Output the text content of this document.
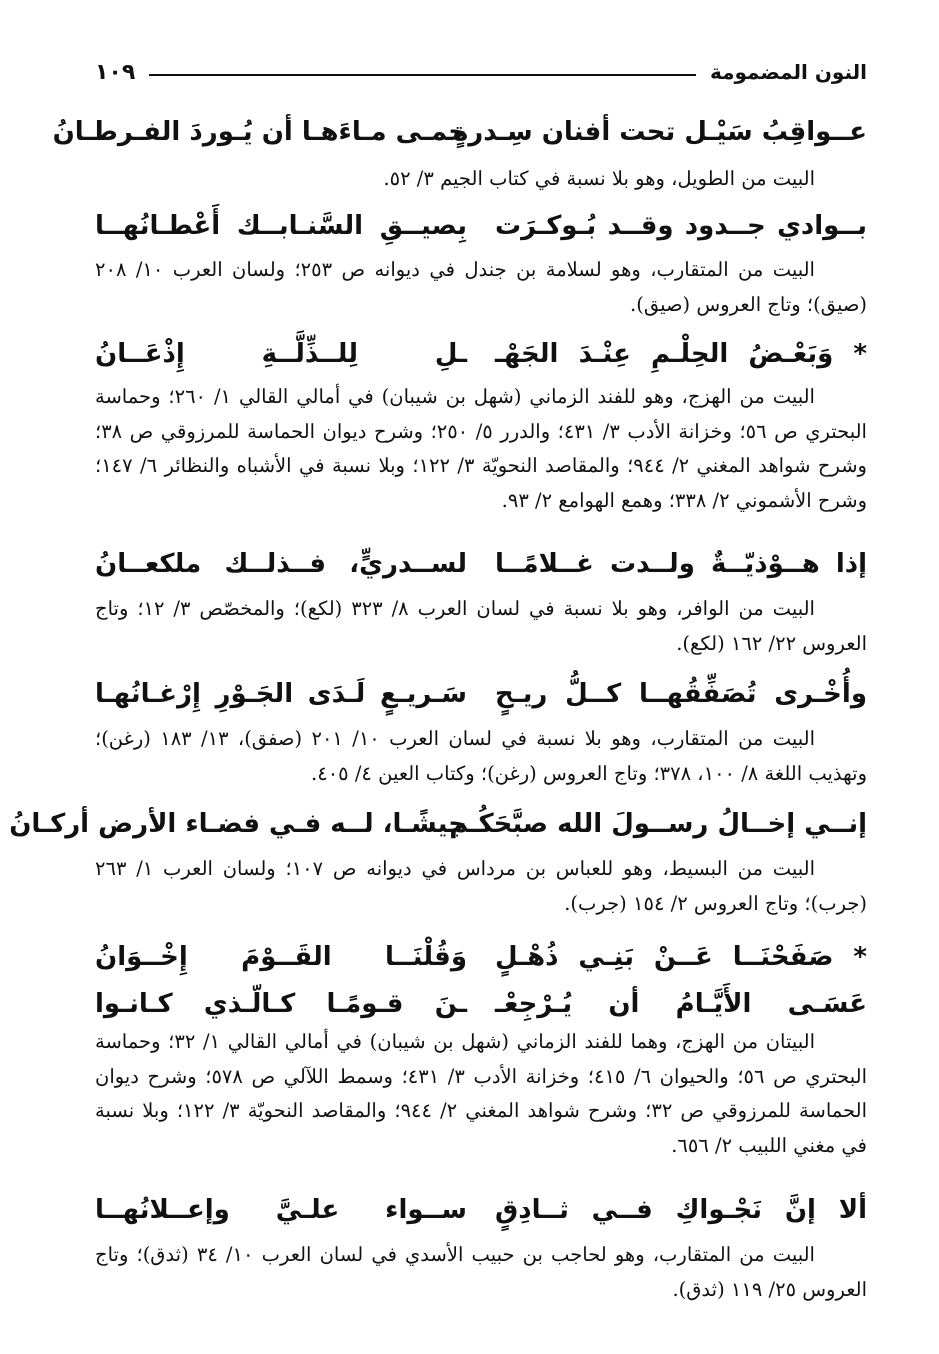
النون المضمومة
١٠٩
عــواقِبُ سَيْـل تحت أفنان سِـدرةٍ
حمـى مـاءَهـا أن يُـوردَ الفـرطـانُ
البيت من الطويل، وهو بلا نسبة في كتاب الجيم ٣/ ٥٢.
بــوادي جــدود وقــد بُـوكـرَت
بِصيــقِ السَّنـابــك أَعْطـانُهــا
البيت من المتقارب، وهو لسلامة بن جندل في ديوانه ص ٢٥٣؛ ولسان العرب ١٠/ ٢٠٨ (صيق)؛ وتاج العروس (صيق).
* وَبَعْـضُ الحِلْـمِ عِنْـدَ الجَهْـ
ـلِ لِلــذِّلَّــةِ إِذْعَــانُ
البيت من الهزج، وهو للفند الزماني (شهل بن شيبان) في أمالي القالي ١/ ٢٦٠؛ وحماسة البحتري ص ٥٦؛ وخزانة الأدب ٣/ ٤٣١؛ والدرر ٥/ ٢٥٠؛ وشرح ديوان الحماسة للمرزوقي ص ٣٨؛ وشرح شواهد المغني ٢/ ٩٤٤؛ والمقاصد النحويّة ٣/ ١٢٢؛ وبلا نسبة في الأشباه والنظائر ٦/ ١٤٧؛ وشرح الأشموني ٢/ ٣٣٨؛ وهمع الهوامع ٢/ ٩٣.
إذا هــوْذيّــةٌ ولــدت غــلامًــا
لســدريٍّ، فــذلــك ملكعــانُ
البيت من الوافر، وهو بلا نسبة في لسان العرب ٨/ ٣٢٣ (لكع)؛ والمخصّص ٣/ ١٢؛ وتاج العروس ٢٢/ ١٦٢ (لكع).
وأُخْـرى تُصَفِّقُهــا كــلُّ ريـحٍ
سَـريـعٍ لَـدَى الجَـوْرِ إِرْغـانُهـا
البيت من المتقارب، وهو بلا نسبة في لسان العرب ١٠/ ٢٠١ (صفق)، ١٣/ ١٨٣ (رغن)؛ وتهذيب اللغة ٨/ ١٠٠، ٣٧٨؛ وتاج العروس (رغن)؛ وكتاب العين ٤/ ٤٠٥.
إنــي إخــالُ رســولَ الله صبَّحَكُـم
جيشًـا، لــه فـي فضـاء الأرض أركـانُ
البيت من البسيط، وهو للعباس بن مرداس في ديوانه ص ١٠٧؛ ولسان العرب ١/ ٢٦٣ (جرب)؛ وتاج العروس ٢/ ١٥٤ (جرب).
* صَفَحْنَــا عَــنْ بَنِـي ذُهْـلٍ
وَقُلْنَــا القَــوْمَ إِخْــوَانُ
عَسَـى الأَيَّـامُ أن يُـرْجِعْـ
ـنَ قـومًـا كـالّـذي كـانـوا
البيتان من الهزج، وهما للفند الزماني (شهل بن شيبان) في أمالي القالي ١/ ٣٢؛ وحماسة البحتري ص ٥٦؛ والحيوان ٦/ ٤١٥؛ وخزانة الأدب ٣/ ٤٣١؛ وسمط اللآلي ص ٥٧٨؛ وشرح ديوان الحماسة للمرزوقي ص ٣٢؛ وشرح شواهد المغني ٢/ ٩٤٤؛ والمقاصد النحويّة ٣/ ١٢٢؛ وبلا نسبة في مغني اللبيب ٢/ ٦٥٦.
ألا إنَّ نَجْـواكِ فــي ثــادِقٍ
ســواء علـيَّ وإعــلانُهــا
البيت من المتقارب، وهو لحاجب بن حبيب الأسدي في لسان العرب ١٠/ ٣٤ (ثدق)؛ وتاج العروس ٢٥/ ١١٩ (ثدق).
